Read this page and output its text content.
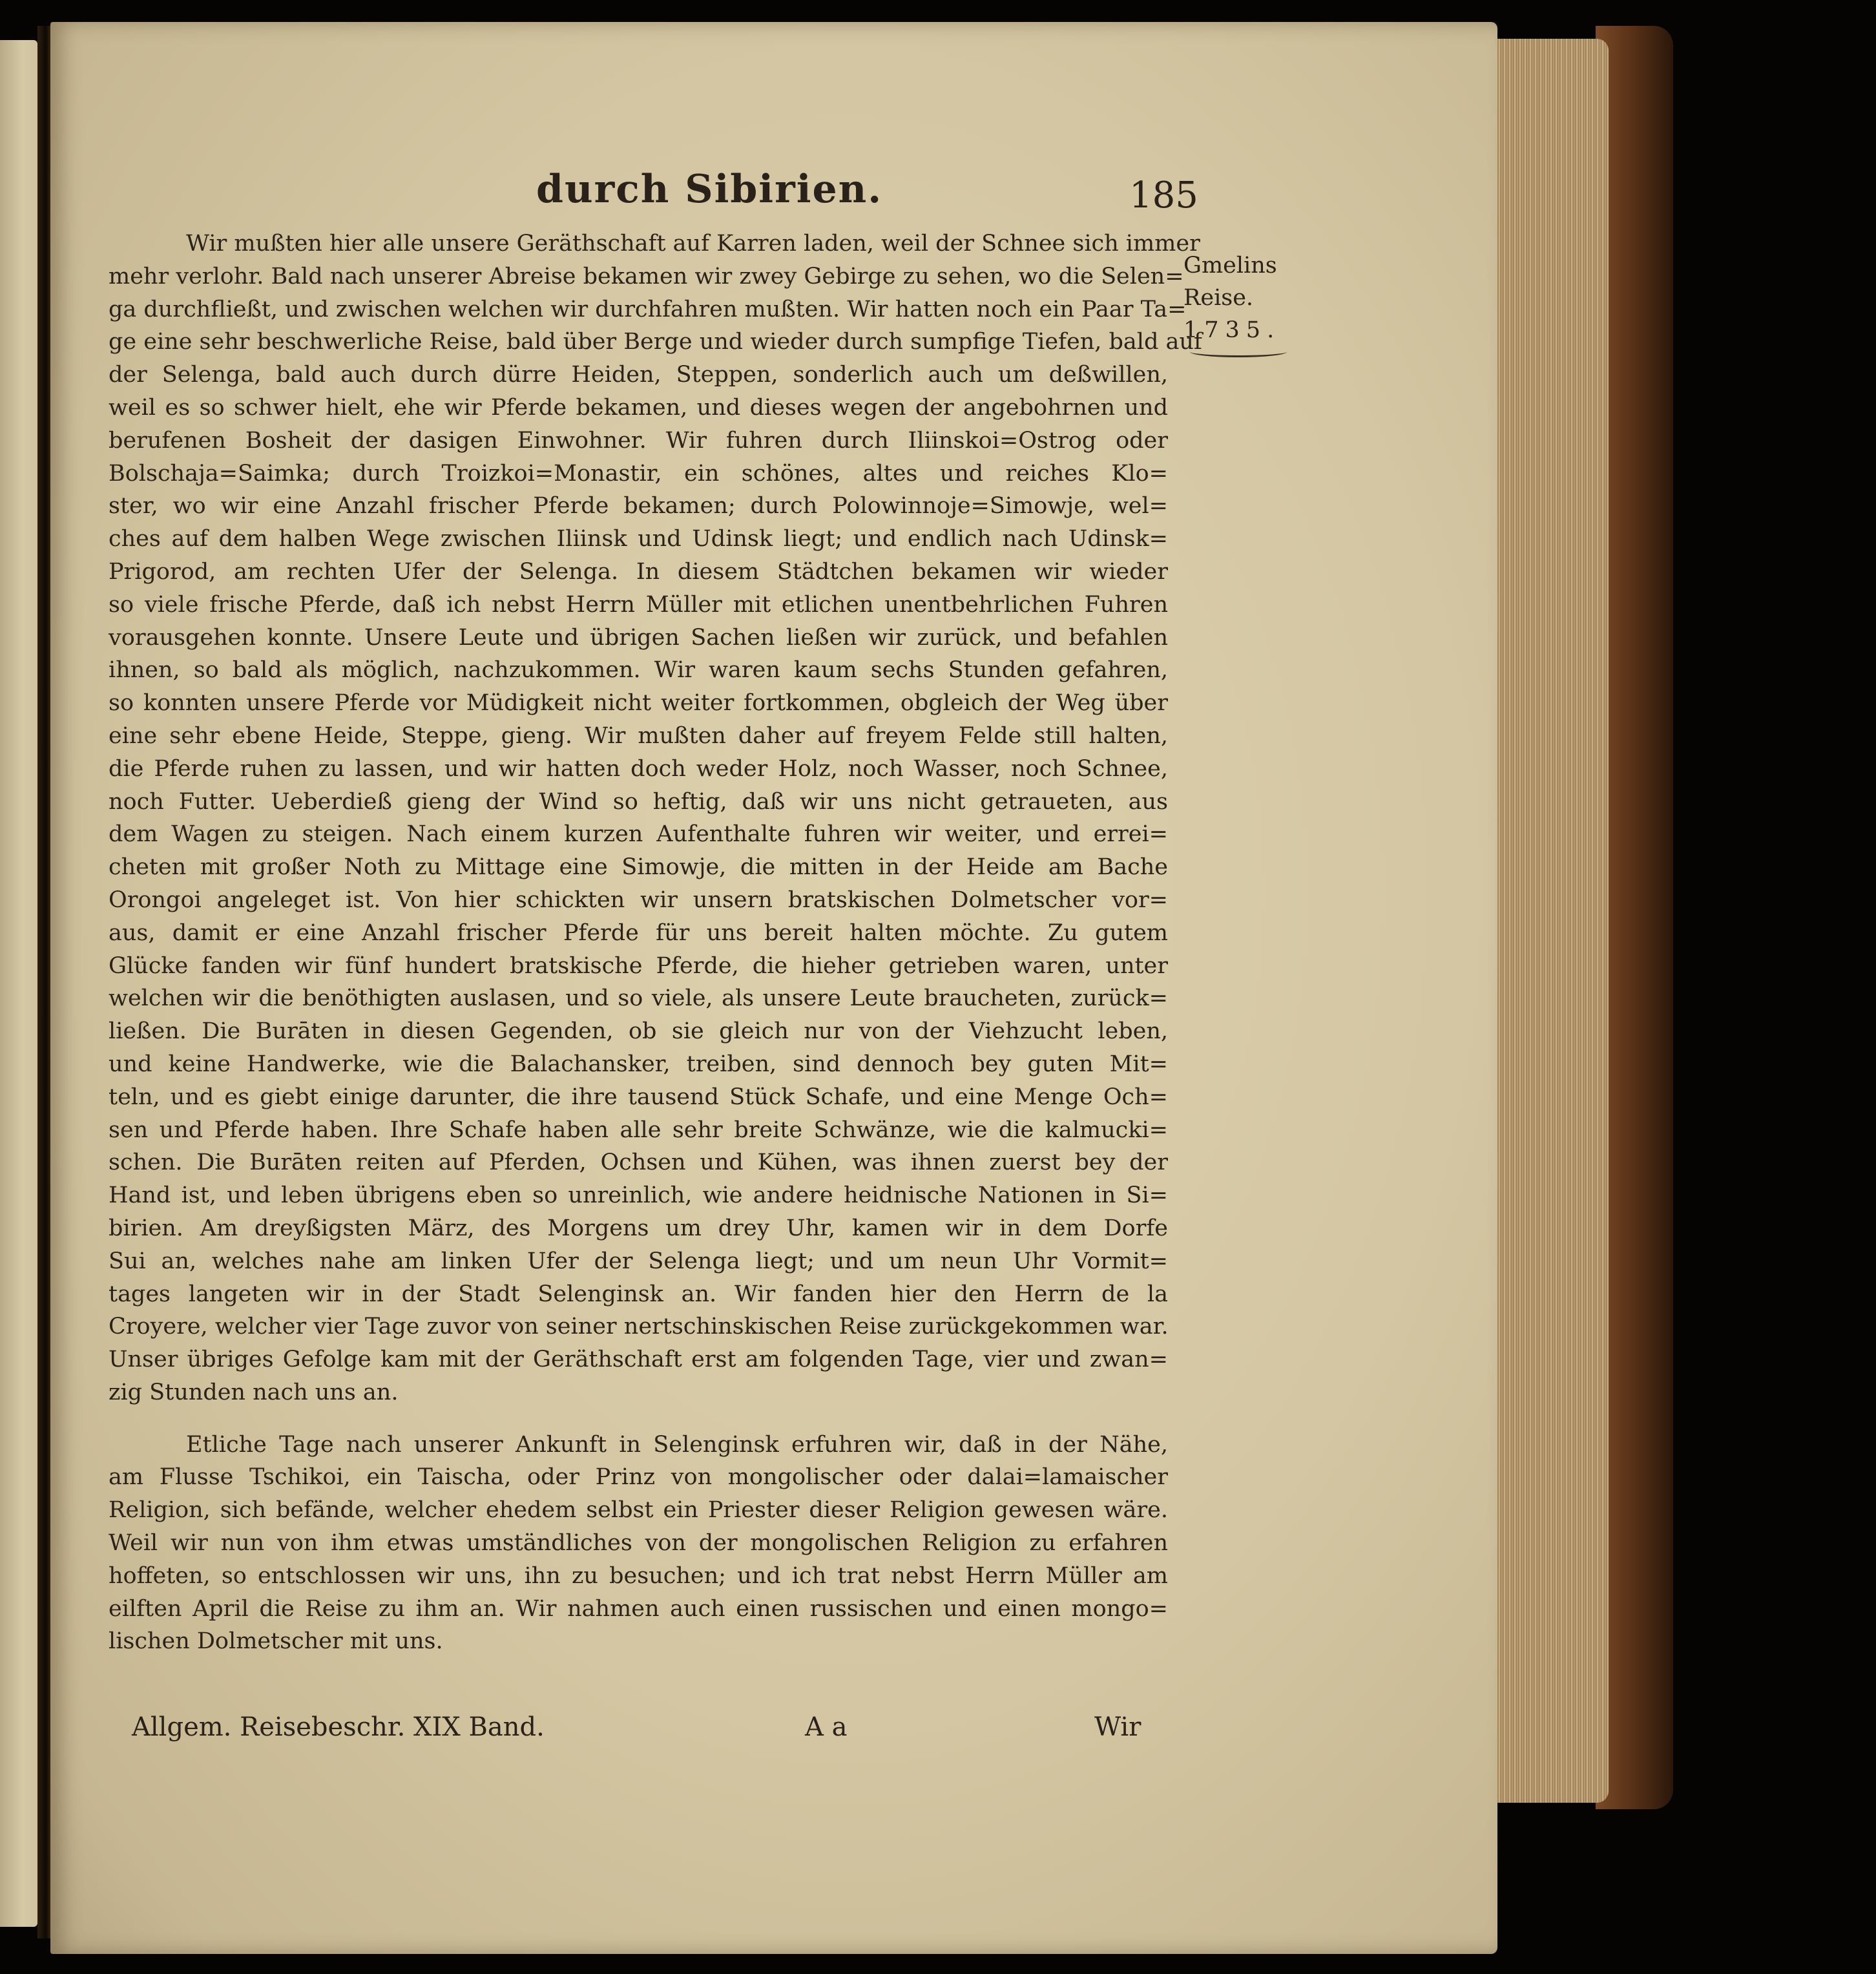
durch Sibirien.	185
Gmelins
Reise.
1735.
Wir mußten hier alle unsere Geräthschaft auf Karren laden, weil der Schnee sich immer
mehr verlohr. Bald nach unserer Abreise bekamen wir zwey Gebirge zu sehen, wo die Selen=
ga durchfließt, und zwischen welchen wir durchfahren mußten. Wir hatten noch ein Paar Ta=
ge eine sehr beschwerliche Reise, bald über Berge und wieder durch sumpfige Tiefen, bald auf
der Selenga, bald auch durch dürre Heiden, Steppen, sonderlich auch um deßwillen,
weil es so schwer hielt, ehe wir Pferde bekamen, und dieses wegen der angebohrnen und
berufenen Bosheit der dasigen Einwohner. Wir fuhren durch Iliinskoi=Ostrog oder
Bolschaja=Saimka; durch Troizkoi=Monastir, ein schönes, altes und reiches Klo=
ster, wo wir eine Anzahl frischer Pferde bekamen; durch Polowinnoje=Simowje, wel=
ches auf dem halben Wege zwischen Iliinsk und Udinsk liegt; und endlich nach Udinsk=
Prigorod, am rechten Ufer der Selenga. In diesem Städtchen bekamen wir wieder
so viele frische Pferde, daß ich nebst Herrn Müller mit etlichen unentbehrlichen Fuhren
vorausgehen konnte. Unsere Leute und übrigen Sachen ließen wir zurück, und befahlen
ihnen, so bald als möglich, nachzukommen. Wir waren kaum sechs Stunden gefahren,
so konnten unsere Pferde vor Müdigkeit nicht weiter fortkommen, obgleich der Weg über
eine sehr ebene Heide, Steppe, gieng. Wir mußten daher auf freyem Felde still halten,
die Pferde ruhen zu lassen, und wir hatten doch weder Holz, noch Wasser, noch Schnee,
noch Futter. Ueberdieß gieng der Wind so heftig, daß wir uns nicht getraueten, aus
dem Wagen zu steigen. Nach einem kurzen Aufenthalte fuhren wir weiter, und errei=
cheten mit großer Noth zu Mittage eine Simowje, die mitten in der Heide am Bache
Orongoi angeleget ist. Von hier schickten wir unsern bratskischen Dolmetscher vor=
aus, damit er eine Anzahl frischer Pferde für uns bereit halten möchte. Zu gutem
Glücke fanden wir fünf hundert bratskische Pferde, die hieher getrieben waren, unter
welchen wir die benöthigten auslasen, und so viele, als unsere Leute braucheten, zurück=
ließen. Die Burāten in diesen Gegenden, ob sie gleich nur von der Viehzucht leben,
und keine Handwerke, wie die Balachansker, treiben, sind dennoch bey guten Mit=
teln, und es giebt einige darunter, die ihre tausend Stück Schafe, und eine Menge Och=
sen und Pferde haben. Ihre Schafe haben alle sehr breite Schwänze, wie die kalmucki=
schen. Die Burāten reiten auf Pferden, Ochsen und Kühen, was ihnen zuerst bey der
Hand ist, und leben übrigens eben so unreinlich, wie andere heidnische Nationen in Si=
birien. Am dreyßigsten März, des Morgens um drey Uhr, kamen wir in dem Dorfe
Sui an, welches nahe am linken Ufer der Selenga liegt; und um neun Uhr Vormit=
tages langeten wir in der Stadt Selenginsk an. Wir fanden hier den Herrn de la
Croyere, welcher vier Tage zuvor von seiner nertschinskischen Reise zurückgekommen war.
Unser übriges Gefolge kam mit der Geräthschaft erst am folgenden Tage, vier und zwan=
zig Stunden nach uns an.
Etliche Tage nach unserer Ankunft in Selenginsk erfuhren wir, daß in der Nähe,
am Flusse Tschikoi, ein Taischa, oder Prinz von mongolischer oder dalai=lamaischer
Religion, sich befände, welcher ehedem selbst ein Priester dieser Religion gewesen wäre.
Weil wir nun von ihm etwas umständliches von der mongolischen Religion zu erfahren
hoffeten, so entschlossen wir uns, ihn zu besuchen; und ich trat nebst Herrn Müller am
eilften April die Reise zu ihm an. Wir nahmen auch einen russischen und einen mongo=
lischen Dolmetscher mit uns.
Allgem. Reisebeschr. XIX Band.	A a	Wir
